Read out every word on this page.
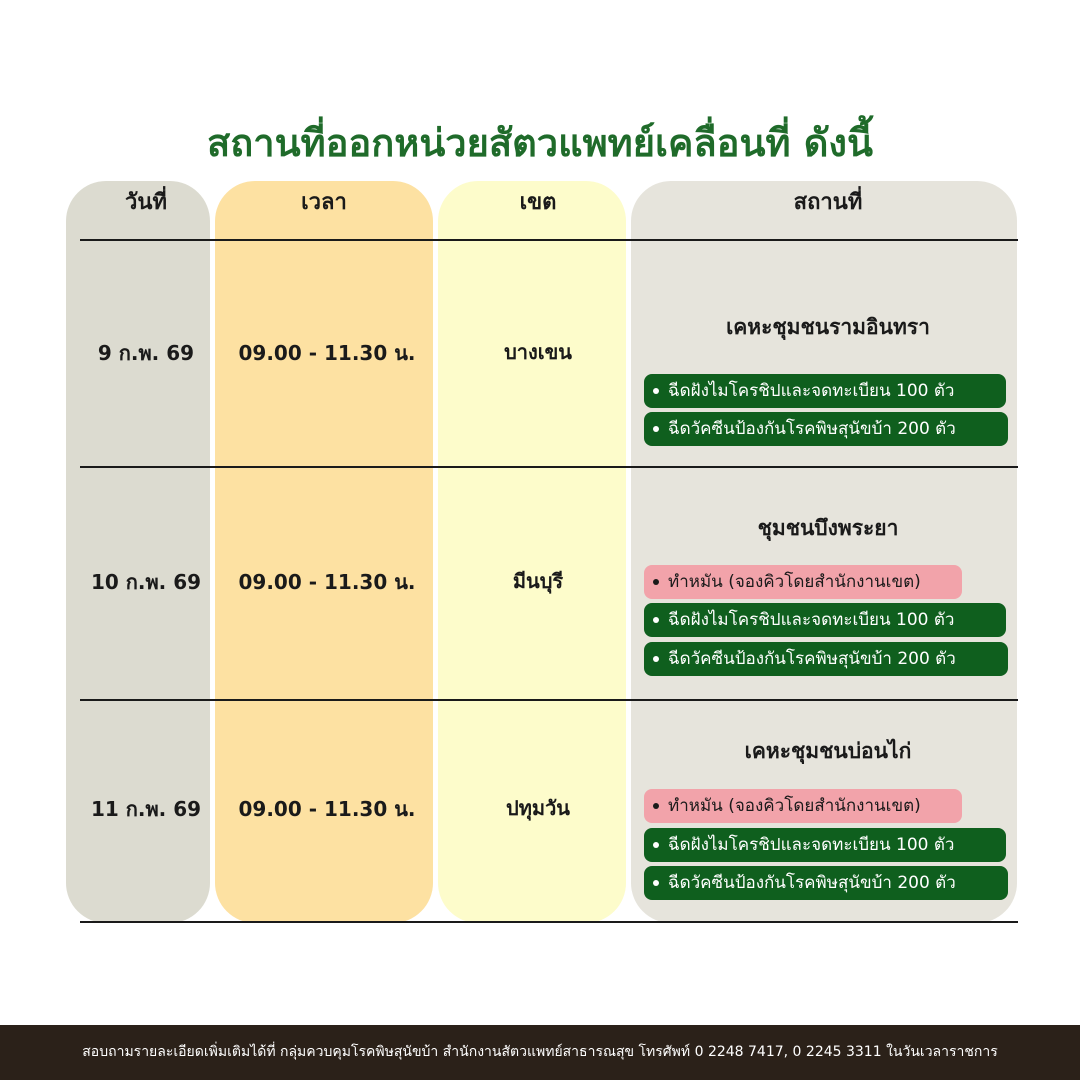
สถานที่ออกหน่วยสัตวแพทย์เคลื่อนที่ ดังนี้
วันที่	เวลา	เขต	สถานที่
9 ก.พ. 69	09.00 - 11.30 น.	บางเขน
เคหะชุมชนรามอินทรา
ฉีดฝังไมโครชิปและจดทะเบียน 100 ตัว
ฉีดวัคซีนป้องกันโรคพิษสุนัขบ้า 200 ตัว
10 ก.พ. 69	09.00 - 11.30 น.	มีนบุรี
ชุมชนบึงพระยา
ทำหมัน (จองคิวโดยสำนักงานเขต)
ฉีดฝังไมโครชิปและจดทะเบียน 100 ตัว
ฉีดวัคซีนป้องกันโรคพิษสุนัขบ้า 200 ตัว
11 ก.พ. 69	09.00 - 11.30 น.	ปทุมวัน
เคหะชุมชนบ่อนไก่
ทำหมัน (จองคิวโดยสำนักงานเขต)
ฉีดฝังไมโครชิปและจดทะเบียน 100 ตัว
ฉีดวัคซีนป้องกันโรคพิษสุนัขบ้า 200 ตัว
สอบถามรายละเอียดเพิ่มเติมได้ที่ กลุ่มควบคุมโรคพิษสุนัขบ้า สำนักงานสัตวแพทย์สาธารณสุข โทรศัพท์ 0 2248 7417, 0 2245 3311 ในวันเวลาราชการ
